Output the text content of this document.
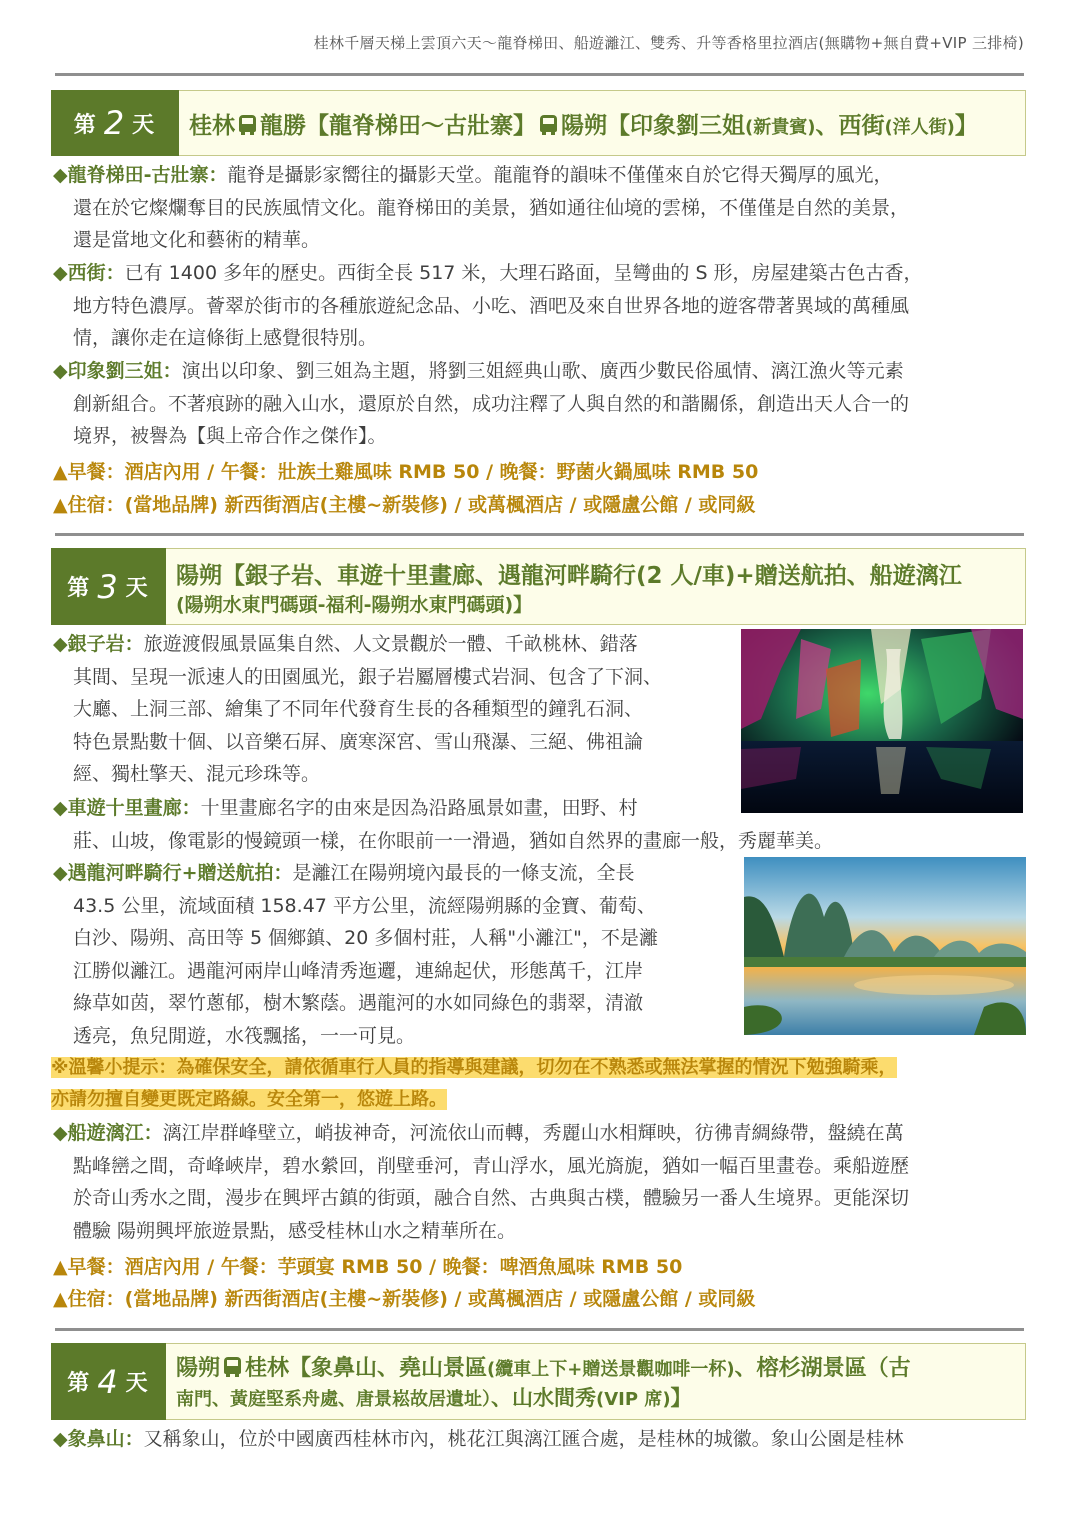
桂林千層天梯上雲頂六天～龍脊梯田、船遊灕江、雙秀、升等香格里拉酒店(無購物+無自費+VIP 三排椅)
第 2 天 桂林 龍勝【龍脊梯田～古壯寨】 陽朔【印象劉三姐(新貴賓)、西街(洋人街)】
◆龍脊梯田-古壯寨：龍脊是攝影家嚮往的攝影天堂。龍龍脊的韻味不僅僅來自於它得天獨厚的風光，
還在於它燦爛奪目的民族風情文化。龍脊梯田的美景，猶如通往仙境的雲梯，不僅僅是自然的美景，
還是當地文化和藝術的精華。
◆西街：已有 1400 多年的歷史。西街全長 517 米，大理石路面，呈彎曲的 S 形，房屋建築古色古香，
地方特色濃厚。薈翠於街市的各種旅遊紀念品、小吃、酒吧及來自世界各地的遊客帶著異域的萬種風
情，讓你走在這條街上感覺很特別。
◆印象劉三姐：演出以印象、劉三姐為主題，將劉三姐經典山歌、廣西少數民俗風情、漓江漁火等元素
創新組合。不著痕跡的融入山水，還原於自然，成功注釋了人與自然的和諧關係，創造出天人合一的
境界，被譽為【與上帝合作之傑作】。
▲早餐：酒店內用 / 午餐：壯族土雞風味 RMB 50 / 晚餐：野菌火鍋風味 RMB 50
▲住宿：(當地品牌) 新西街酒店(主樓~新裝修) / 或萬楓酒店 / 或隱盧公館 / 或同級
第 3 天 陽朔【銀子岩、車遊十里畫廊、遇龍河畔騎行(2 人/車)+贈送航拍、船遊漓江
(陽朔水東門碼頭-福利-陽朔水東門碼頭)】
◆銀子岩：旅遊渡假風景區集自然、人文景觀於一體、千畝桃林、錯落
其間、呈現一派速人的田園風光，銀子岩屬層樓式岩洞、包含了下洞、
大廳、上洞三部、繪集了不同年代發育生長的各種類型的鐘乳石洞、
特色景點數十個、以音樂石屏、廣寒深宮、雪山飛瀑、三絕、佛祖論
經、獨杜擎天、混元珍珠等。
◆車遊十里畫廊：十里畫廊名字的由來是因為沿路風景如畫，田野、村
莊、山坡，像電影的慢鏡頭一樣，在你眼前一一滑過，猶如自然界的畫廊一般，秀麗華美。
◆遇龍河畔騎行+贈送航拍：是灕江在陽朔境內最長的一條支流，全長
43.5 公里，流域面積 158.47 平方公里，流經陽朔縣的金寶、葡萄、
白沙、陽朔、高田等 5 個鄉鎮、20 多個村莊，人稱"小灕江"，不是灕
江勝似灕江。遇龍河兩岸山峰清秀迤邐，連綿起伏，形態萬千，江岸
綠草如茵，翠竹蔥郁，樹木繁蔭。遇龍河的水如同綠色的翡翠，清澈
透亮，魚兒閒遊，水筏飄搖，一一可見。
※溫馨小提示：為確保安全，請依循車行人員的指導與建議，切勿在不熟悉或無法掌握的情況下勉強騎乘，
亦請勿擅自變更既定路線。安全第一，悠遊上路。
◆船遊漓江：漓江岸群峰壁立，峭拔神奇，河流依山而轉，秀麗山水相輝映，彷彿青綢綠帶，盤繞在萬
點峰巒之間，奇峰峽岸，碧水縈回，削壁垂河，青山浮水，風光旖旎，猶如一幅百里畫卷。乘船遊歷
於奇山秀水之間，漫步在興坪古鎮的街頭，融合自然、古典與古樸，體驗另一番人生境界。更能深切
體驗 陽朔興坪旅遊景點，感受桂林山水之精華所在。
▲早餐：酒店內用 / 午餐：芋頭宴 RMB 50 / 晚餐：啤酒魚風味 RMB 50
▲住宿：(當地品牌) 新西街酒店(主樓~新裝修) / 或萬楓酒店 / 或隱盧公館 / 或同級
第 4 天
陽朔 桂林【象鼻山、堯山景區(纜車上下+贈送景觀咖啡一杯)、榕杉湖景區（古
南門、黃庭堅系舟處、唐景崧故居遺址）、山水間秀(VIP 席)】
◆象鼻山：又稱象山，位於中國廣西桂林市內，桃花江與漓江匯合處，是桂林的城徽。象山公園是桂林
